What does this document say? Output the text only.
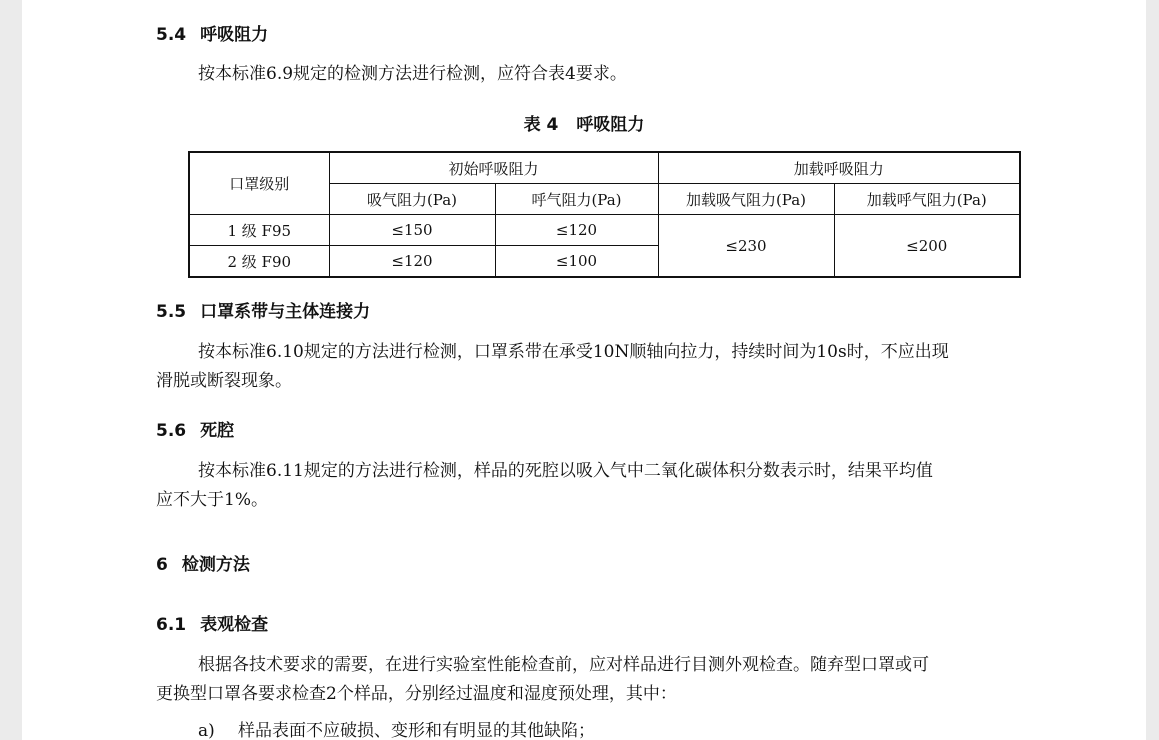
5.4 呼吸阻力
按本标准6.9规定的检测方法进行检测，应符合表4要求。
表 4 呼吸阻力
口罩级别	初始呼吸阻力		加载呼吸阻力	
	吸气阻力(Pa)	呼气阻力(Pa)	加载吸气阻力(Pa)	加载呼气阻力(Pa)
1 级 F95	≤150	≤120	≤230	≤200
2 级 F90	≤120	≤100		
5.5 口罩系带与主体连接力
按本标准6.10规定的方法进行检测，口罩系带在承受10N顺轴向拉力，持续时间为10s时，不应出现
滑脱或断裂现象。
5.6 死腔
按本标准6.11规定的方法进行检测，样品的死腔以吸入气中二氧化碳体积分数表示时，结果平均值
应不大于1%。
6 检测方法
6.1 表观检查
根据各技术要求的需要，在进行实验室性能检查前，应对样品进行目测外观检查。随弃型口罩或可
更换型口罩各要求检查2个样品，分别经过温度和湿度预处理，其中：
a) 样品表面不应破损、变形和有明显的其他缺陷；
